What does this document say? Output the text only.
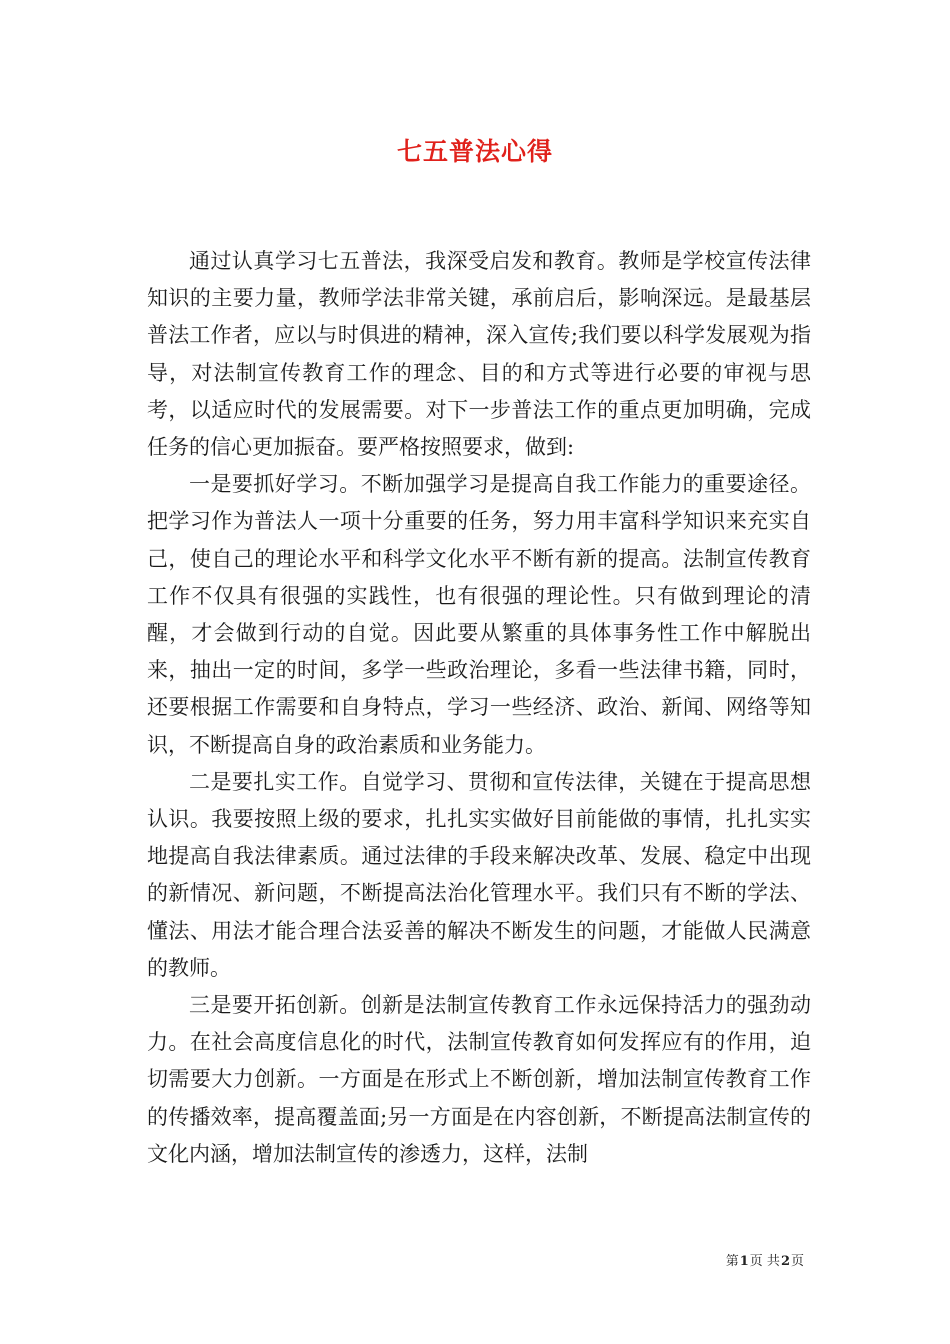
七五普法心得

通过认真学习七五普法，我深受启发和教育。教师是学校宣传法律知识的主要力量，教师学法非常关键，承前启后，影响深远。是最基层普法工作者，应以与时俱进的精神，深入宣传;我们要以科学发展观为指导，对法制宣传教育工作的理念、目的和方式等进行必要的审视与思考，以适应时代的发展需要。对下一步普法工作的重点更加明确，完成任务的信心更加振奋。要严格按照要求，做到:

一是要抓好学习。不断加强学习是提高自我工作能力的重要途径。把学习作为普法人一项十分重要的任务，努力用丰富科学知识来充实自己，使自己的理论水平和科学文化水平不断有新的提高。法制宣传教育工作不仅具有很强的实践性，也有很强的理论性。只有做到理论的清醒，才会做到行动的自觉。因此要从繁重的具体事务性工作中解脱出来，抽出一定的时间，多学一些政治理论，多看一些法律书籍，同时，还要根据工作需要和自身特点，学习一些经济、政治、新闻、网络等知识，不断提高自身的政治素质和业务能力。

二是要扎实工作。自觉学习、贯彻和宣传法律，关键在于提高思想认识。我要按照上级的要求，扎扎实实做好目前能做的事情，扎扎实实地提高自我法律素质。通过法律的手段来解决改革、发展、稳定中出现的新情况、新问题，不断提高法治化管理水平。我们只有不断的学法、懂法、用法才能合理合法妥善的解决不断发生的问题，才能做人民满意的教师。

三是要开拓创新。创新是法制宣传教育工作永远保持活力的强劲动力。在社会高度信息化的时代，法制宣传教育如何发挥应有的作用，迫切需要大力创新。一方面是在形式上不断创新，增加法制宣传教育工作的传播效率，提高覆盖面;另一方面是在内容创新，不断提高法制宣传的文化内涵，增加法制宣传的渗透力，这样，法制

第1页 共2页
